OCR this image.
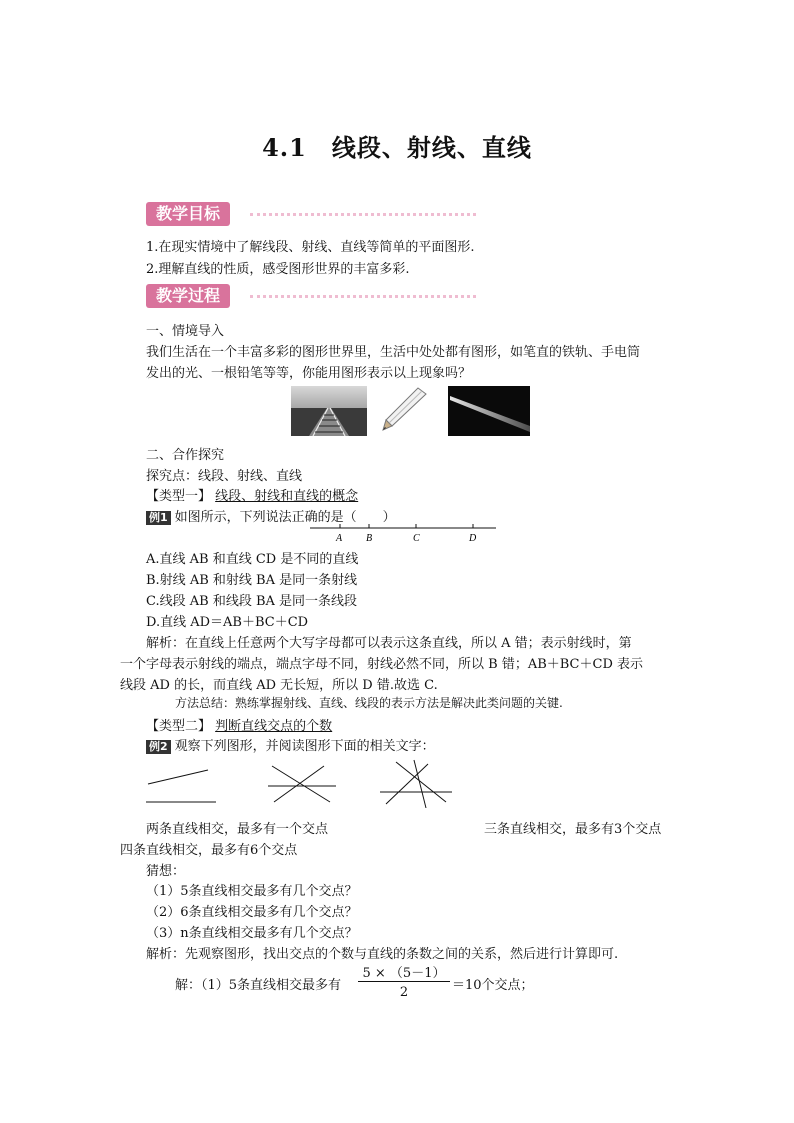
4.1　线段、射线、直线
教学目标
1.在现实情境中了解线段、射线、直线等简单的平面图形.
2.理解直线的性质，感受图形世界的丰富多彩.
教学过程
一、情境导入
我们生活在一个丰富多彩的图形世界里，生活中处处都有图形，如笔直的铁轨、手电筒
发出的光、一根铅笔等等，你能用图形表示以上现象吗？
二、合作探究
探究点：线段、射线、直线
【类型一】 线段、射线和直线的概念
例1 如图所示，下列说法正确的是（　　）
A B	C	D
A.直线 AB 和直线 CD 是不同的直线
B.射线 AB 和射线 BA 是同一条射线
C.线段 AB 和线段 BA 是同一条线段
D.直线 AD＝AB＋BC＋CD
解析：在直线上任意两个大写字母都可以表示这条直线，所以 A 错；表示射线时，第
一个字母表示射线的端点，端点字母不同，射线必然不同，所以 B 错；AB＋BC＋CD 表示
线段 AD 的长，而直线 AD 无长短，所以 D 错.故选 C.
方法总结：熟练掌握射线、直线、线段的表示方法是解决此类问题的关键.
【类型二】 判断直线交点的个数
例2 观察下列图形，并阅读图形下面的相关文字：
两条直线相交，最多有一个交点	三条直线相交，最多有3个交点
四条直线相交，最多有6个交点
猜想：
（1）5条直线相交最多有几个交点？
（2）6条直线相交最多有几个交点？
（3）n条直线相交最多有几个交点？
解析：先观察图形，找出交点的个数与直线的条数之间的关系，然后进行计算即可.
解：（1）5条直线相交最多有
5 × （5－1）
2	＝10个交点；
